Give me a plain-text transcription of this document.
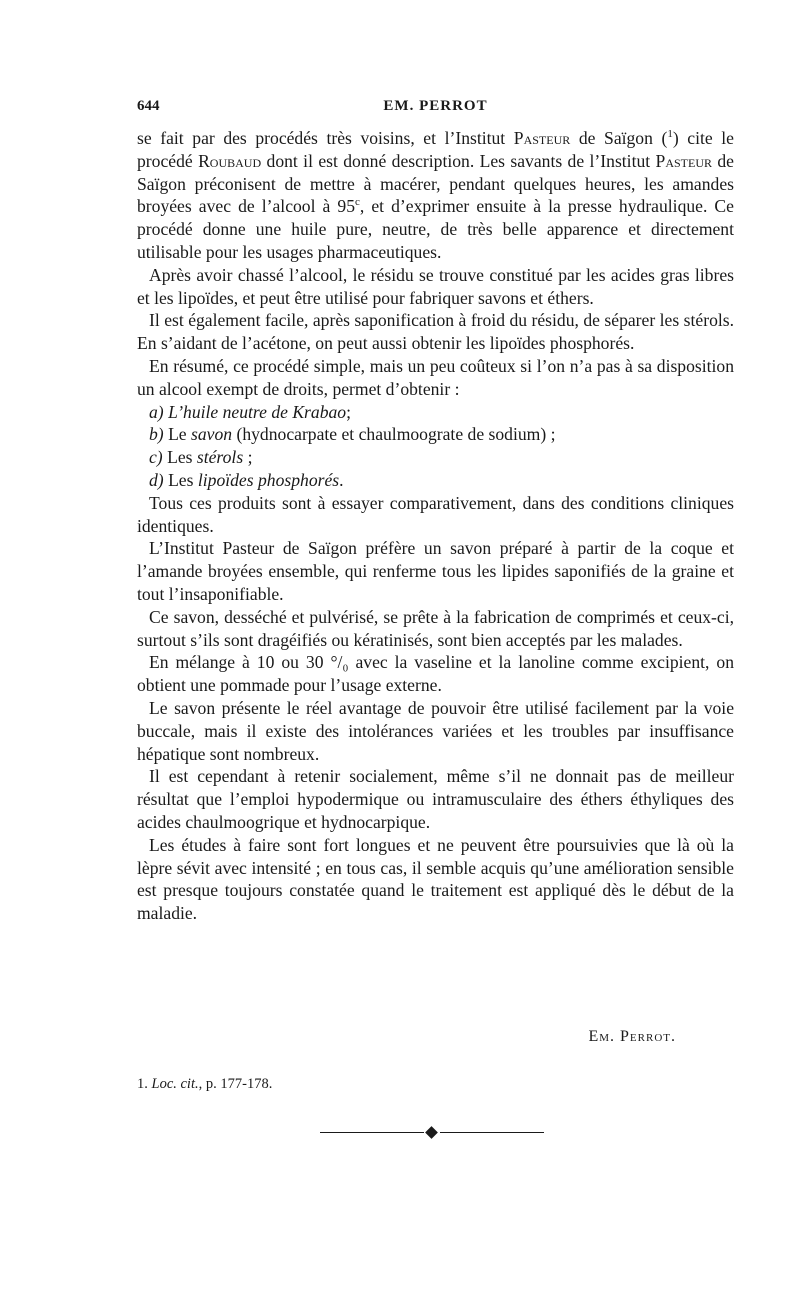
644	EM. PERROT

se fait par des procédés très voisins, et l’Institut Pasteur de Saïgon ($^1$) cite le procédé Roubaud dont il est donné description. Les savants de l’Institut Pasteur de Saïgon préconisent de mettre à macérer, pendant quelques heures, les amandes broyées avec de l’alcool à 95$^c$, et d’exprimer ensuite à la presse hydraulique. Ce procédé donne une huile pure, neutre, de très belle apparence et directement utilisable pour les usages pharmaceutiques.

Après avoir chassé l’alcool, le résidu se trouve constitué par les acides gras libres et les lipoïdes, et peut être utilisé pour fabriquer savons et éthers.

Il est également facile, après saponification à froid du résidu, de séparer les stérols. En s’aidant de l’acétone, on peut aussi obtenir les lipoïdes phosphorés.

En résumé, ce procédé simple, mais un peu coûteux si l’on n’a pas à sa disposition un alcool exempt de droits, permet d’obtenir :

a) L’huile neutre de Krabao;

b) Le savon (hydnocarpate et chaulmoograte de sodium) ;

c) Les stérols ;

d) Les lipoïdes phosphorés.

Tous ces produits sont à essayer comparativement, dans des conditions cliniques identiques.

L’Institut Pasteur de Saïgon préfère un savon préparé à partir de la coque et l’amande broyées ensemble, qui renferme tous les lipides saponifiés de la graine et tout l’insaponifiable.

Ce savon, desséché et pulvérisé, se prête à la fabrication de comprimés et ceux-ci, surtout s’ils sont dragéifiés ou kératinisés, sont bien acceptés par les malades.

En mélange à 10 ou 30 °/₀ avec la vaseline et la lanoline comme excipient, on obtient une pommade pour l’usage externe.

Le savon présente le réel avantage de pouvoir être utilisé facilement par la voie buccale, mais il existe des intolérances variées et les troubles par insuffisance hépatique sont nombreux.

Il est cependant à retenir socialement, même s’il ne donnait pas de meilleur résultat que l’emploi hypodermique ou intramusculaire des éthers éthyliques des acides chaulmoogrique et hydnocarpique.

Les études à faire sont fort longues et ne peuvent être poursuivies que là où la lèpre sévit avec intensité ; en tous cas, il semble acquis qu’une amélioration sensible est presque toujours constatée quand le traitement est appliqué dès le début de la maladie.

Em. Perrot.
1. Loc. cit., p. 177-178.
